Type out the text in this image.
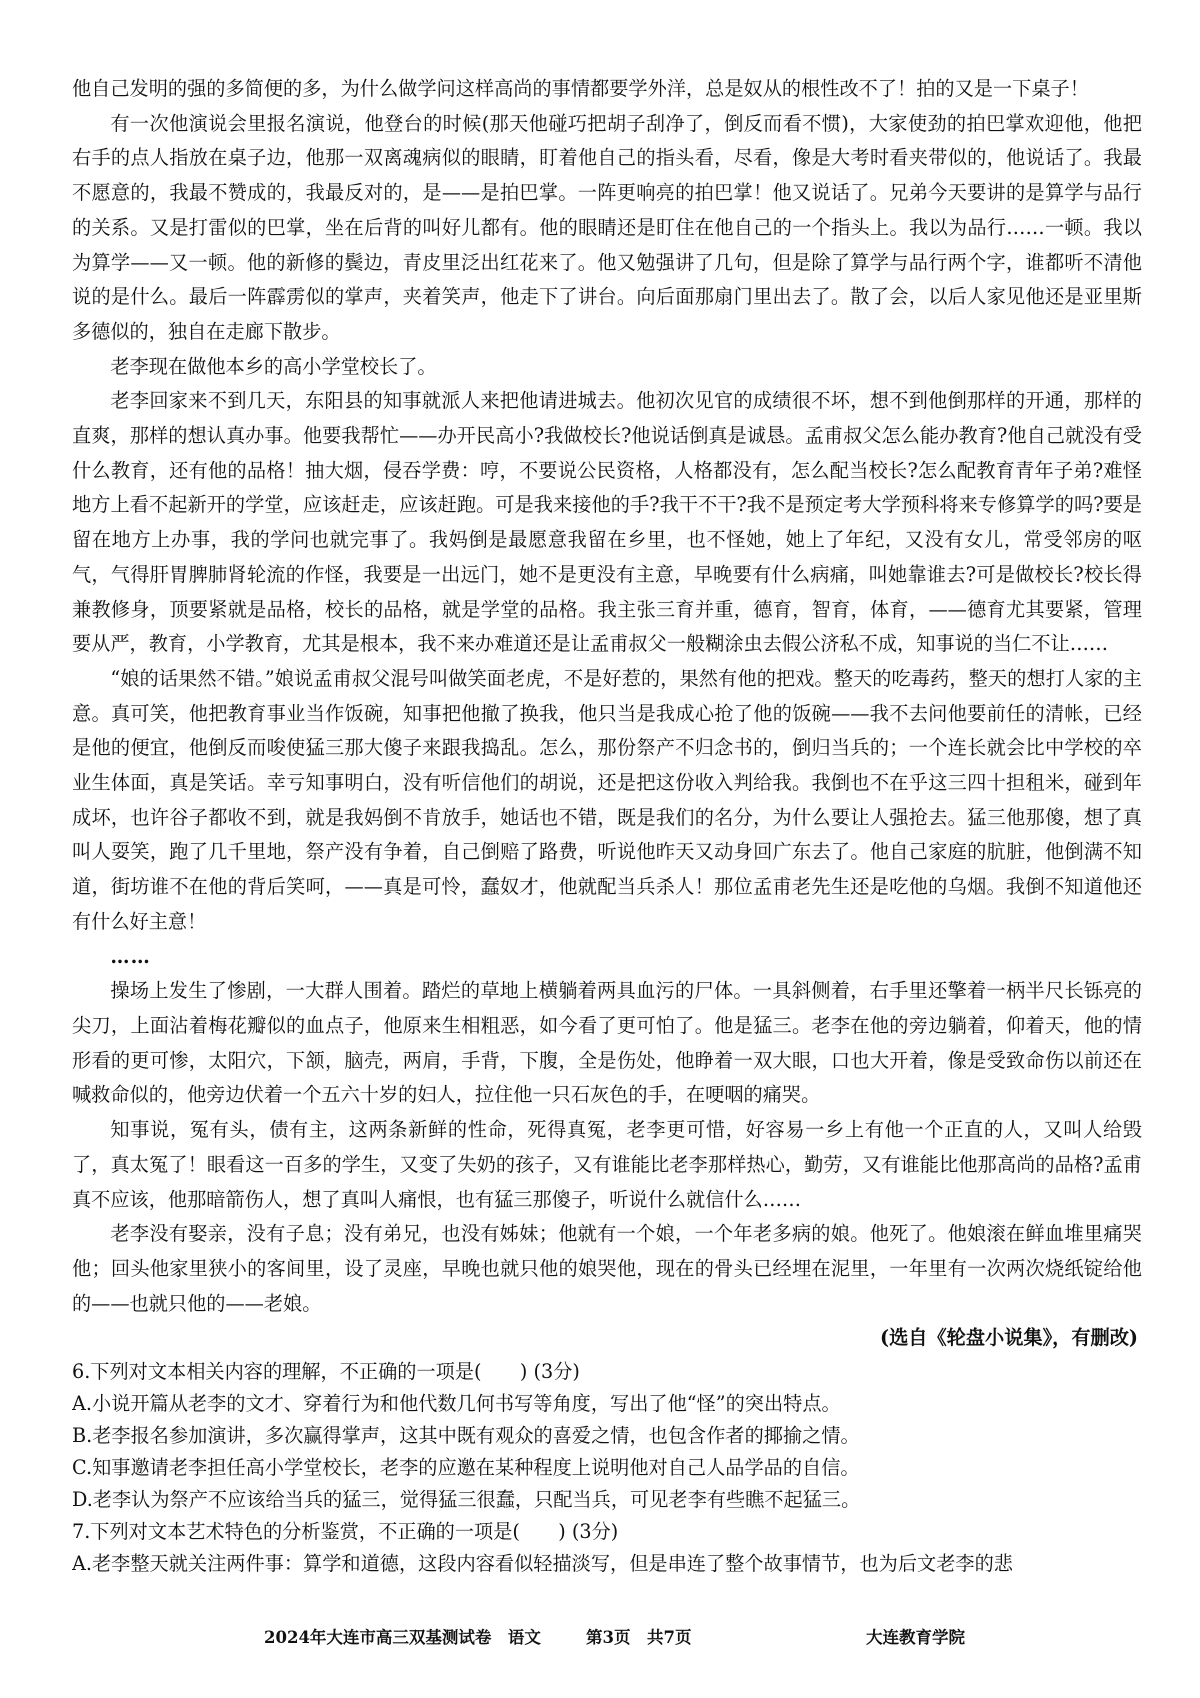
他自己发明的强的多简便的多，为什么做学问这样高尚的事情都要学外洋，总是奴从的根性改不了！拍的又是一下桌子！

有一次他演说会里报名演说，他登台的时候(那天他碰巧把胡子刮净了，倒反而看不惯)，大家使劲的拍巴掌欢迎他，他把右手的点人指放在桌子边，他那一双离魂病似的眼睛，盯着他自己的指头看，尽看，像是大考时看夹带似的，他说话了。我最不愿意的，我最不赞成的，我最反对的，是——是拍巴掌。一阵更响亮的拍巴掌！他又说话了。兄弟今天要讲的是算学与品行的关系。又是打雷似的巴掌，坐在后背的叫好儿都有。他的眼睛还是盯住在他自己的一个指头上。我以为品行……一顿。我以为算学——又一顿。他的新修的鬓边，青皮里泛出红花来了。他又勉强讲了几句，但是除了算学与品行两个字，谁都听不清他说的是什么。最后一阵霹雳似的掌声，夹着笑声，他走下了讲台。向后面那扇门里出去了。散了会，以后人家见他还是亚里斯多德似的，独自在走廊下散步。

老李现在做他本乡的高小学堂校长了。

老李回家来不到几天，东阳县的知事就派人来把他请进城去。他初次见官的成绩很不坏，想不到他倒那样的开通，那样的直爽，那样的想认真办事。他要我帮忙——办开民高小?我做校长?他说话倒真是诚恳。孟甫叔父怎么能办教育?他自己就没有受什么教育，还有他的品格！抽大烟，侵吞学费：哼，不要说公民资格，人格都没有，怎么配当校长?怎么配教育青年子弟?难怪地方上看不起新开的学堂，应该赶走，应该赶跑。可是我来接他的手?我干不干?我不是预定考大学预科将来专修算学的吗?要是留在地方上办事，我的学问也就完事了。我妈倒是最愿意我留在乡里，也不怪她，她上了年纪，又没有女儿，常受邻房的呕气，气得肝胃脾肺肾轮流的作怪，我要是一出远门，她不是更没有主意，早晚要有什么病痛，叫她靠谁去?可是做校长?校长得兼教修身，顶要紧就是品格，校长的品格，就是学堂的品格。我主张三育并重，德育，智育，体育，——德育尤其要紧，管理要从严，教育，小学教育，尤其是根本，我不来办难道还是让孟甫叔父一般糊涂虫去假公济私不成，知事说的当仁不让……

“娘的话果然不错。”娘说孟甫叔父混号叫做笑面老虎，不是好惹的，果然有他的把戏。整天的吃毒药，整天的想打人家的主意。真可笑，他把教育事业当作饭碗，知事把他撤了换我，他只当是我成心抢了他的饭碗——我不去问他要前任的清帐，已经是他的便宜，他倒反而唆使猛三那大傻子来跟我捣乱。怎么，那份祭产不归念书的，倒归当兵的；一个连长就会比中学校的卒业生体面，真是笑话。幸亏知事明白，没有听信他们的胡说，还是把这份收入判给我。我倒也不在乎这三四十担租米，碰到年成坏，也许谷子都收不到，就是我妈倒不肯放手，她话也不错，既是我们的名分，为什么要让人强抢去。猛三他那傻，想了真叫人耍笑，跑了几千里地，祭产没有争着，自己倒赔了路费，听说他昨天又动身回广东去了。他自己家庭的肮脏，他倒满不知道，街坊谁不在他的背后笑呵，——真是可怜，蠢奴才，他就配当兵杀人！那位孟甫老先生还是吃他的乌烟。我倒不知道他还有什么好主意！

……

操场上发生了惨剧，一大群人围着。踏烂的草地上横躺着两具血污的尸体。一具斜侧着，右手里还擎着一柄半尺长铄亮的尖刀，上面沾着梅花瓣似的血点子，他原来生相粗恶，如今看了更可怕了。他是猛三。老李在他的旁边躺着，仰着天，他的情形看的更可惨，太阳穴，下颔，脑壳，两肩，手背，下腹，全是伤处，他睁着一双大眼，口也大开着，像是受致命伤以前还在喊救命似的，他旁边伏着一个五六十岁的妇人，拉住他一只石灰色的手，在哽咽的痛哭。

知事说，冤有头，债有主，这两条新鲜的性命，死得真冤，老李更可惜，好容易一乡上有他一个正直的人，又叫人给毁了，真太冤了！眼看这一百多的学生，又变了失奶的孩子，又有谁能比老李那样热心，勤劳，又有谁能比他那高尚的品格?孟甫真不应该，他那暗箭伤人，想了真叫人痛恨，也有猛三那傻子，听说什么就信什么……

老李没有娶亲，没有子息；没有弟兄，也没有姊妹；他就有一个娘，一个年老多病的娘。他死了。他娘滚在鲜血堆里痛哭他；回头他家里狭小的客间里，设了灵座，早晚也就只他的娘哭他，现在的骨头已经埋在泥里，一年里有一次两次烧纸锭给他的——也就只他的——老娘。

(选自《轮盘小说集》，有删改)

6.下列对文本相关内容的理解，不正确的一项是(　　) (3分)

A.小说开篇从老李的文才、穿着行为和他代数几何书写等角度，写出了他“怪”的突出特点。

B.老李报名参加演讲，多次赢得掌声，这其中既有观众的喜爱之情，也包含作者的揶揄之情。

C.知事邀请老李担任高小学堂校长，老李的应邀在某种程度上说明他对自己人品学品的自信。

D.老李认为祭产不应该给当兵的猛三，觉得猛三很蠢，只配当兵，可见老李有些瞧不起猛三。

7.下列对文本艺术特色的分析鉴赏，不正确的一项是(　　) (3分)

A.老李整天就关注两件事：算学和道德，这段内容看似轻描淡写，但是串连了整个故事情节，也为后文老李的悲

2024年大连市高三双基测试卷　语文	第3页　共7页	大连教育学院
